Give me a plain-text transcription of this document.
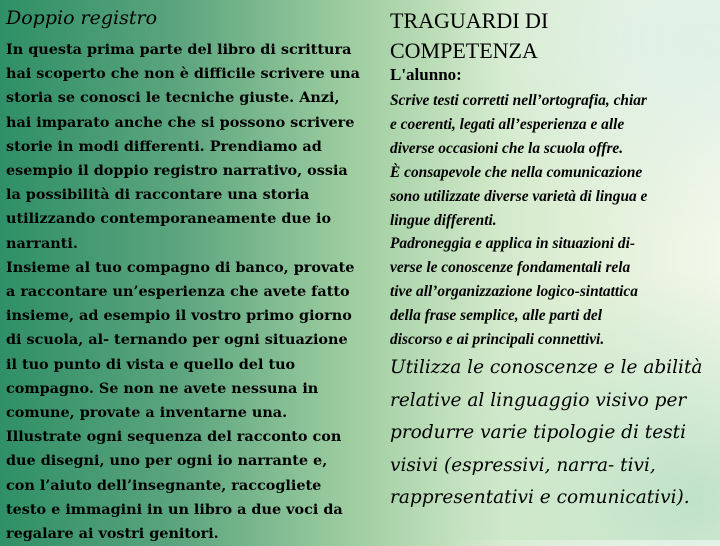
Doppio registro
In questa prima parte del libro di scrittura
hai scoperto che non è difficile scrivere una
storia se conosci le tecniche giuste. Anzi,
hai imparato anche che si possono scrivere
storie in modi differenti. Prendiamo ad
esempio il doppio registro narrativo, ossia
la possibilità di raccontare una storia
utilizzando contemporaneamente due io
narranti.
Insieme al tuo compagno di banco, provate
a raccontare un’esperienza che avete fatto
insieme, ad esempio il vostro primo giorno
di scuola, al- ternando per ogni situazione
il tuo punto di vista e quello del tuo
compagno. Se non ne avete nessuna in
comune, provate a inventarne una.
Illustrate ogni sequenza del racconto con
due disegni, uno per ogni io narrante e,
con l’aiuto dell’insegnante, raccogliete
testo e immagini in un libro a due voci da
regalare ai vostri genitori.
TRAGUARDI DI
COMPETENZA
L'alunno:
Scrive testi corretti nell’ortografia, chiar
e coerenti, legati all’esperienza e alle
diverse occasioni che la scuola offre.
È consapevole che nella comunicazione
sono utilizzate diverse varietà di lingua e
lingue differenti.
Padroneggia e applica in situazioni di-
verse le conoscenze fondamentali rela
tive all’organizzazione logico-sintattica
della frase semplice, alle parti del
discorso e ai principali connettivi.
Utilizza le conoscenze e le abilità
relative al linguaggio visivo per
produrre varie tipologie di testi
visivi (espressivi, narra- tivi,
rappresentativi e comunicativi).
